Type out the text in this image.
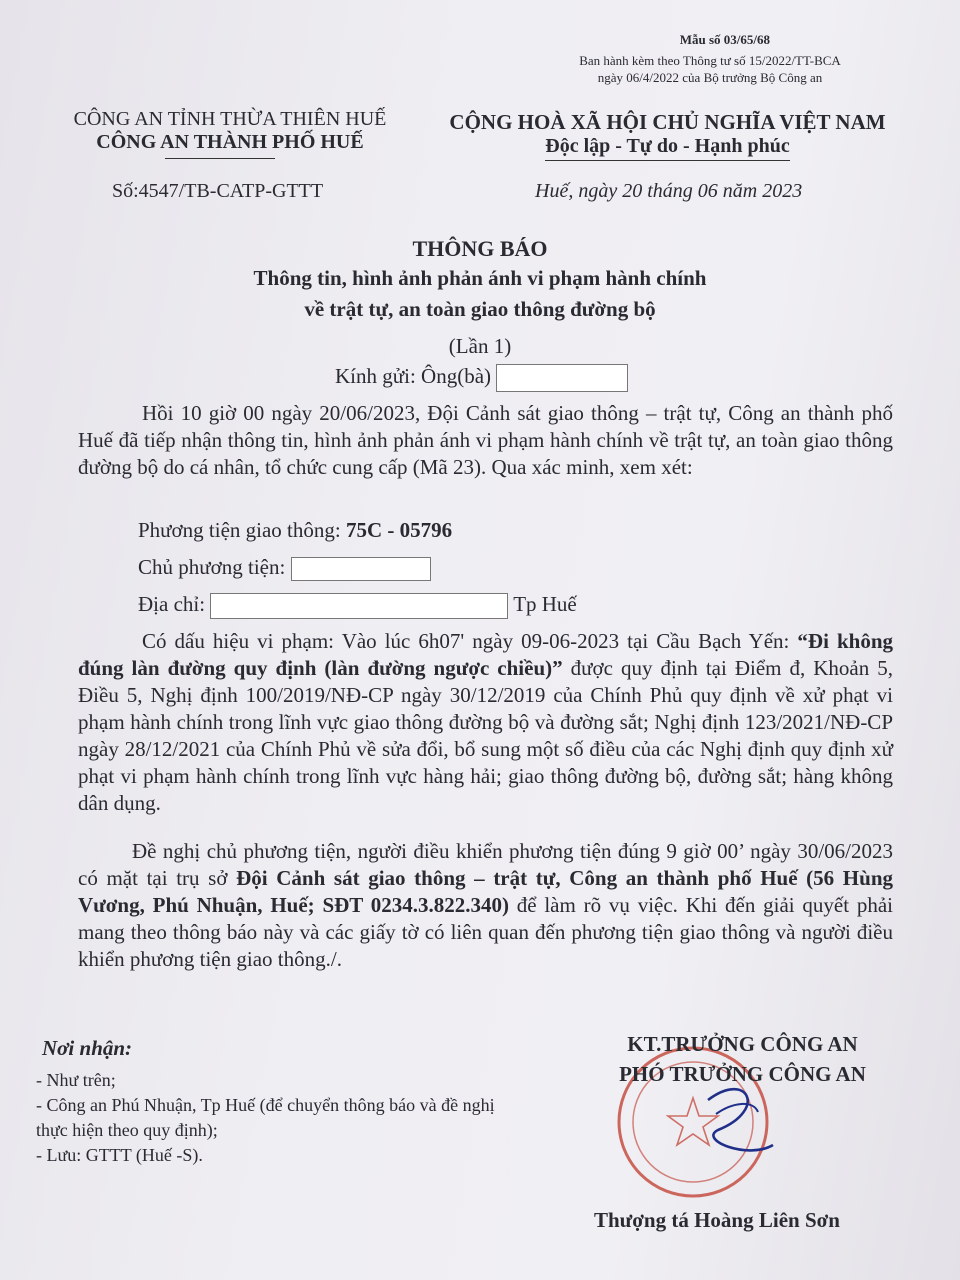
Mẫu số 03/65/68
Ban hành kèm theo Thông tư số 15/2022/TT-BCA
ngày 06/4/2022 của Bộ trưởng Bộ Công an
CÔNG AN TỈNH THỪA THIÊN HUẾ
CÔNG AN THÀNH PHỐ HUẾ
CỘNG HOÀ XÃ HỘI CHỦ NGHĨA VIỆT NAM
Độc lập - Tự do - Hạnh phúc
Số:4547/TB-CATP-GTTT	Huế, ngày 20 tháng 06 năm 2023
THÔNG BÁO
Thông tin, hình ảnh phản ánh vi phạm hành chính
về trật tự, an toàn giao thông đường bộ
(Lần 1)
Kính gửi: Ông(bà)
Hồi 10 giờ 00 ngày 20/06/2023, Đội Cảnh sát giao thông – trật tự, Công an thành phố Huế đã tiếp nhận thông tin, hình ảnh phản ánh vi phạm hành chính về trật tự, an toàn giao thông đường bộ do cá nhân, tổ chức cung cấp (Mã 23). Qua xác minh, xem xét:
Phương tiện giao thông: 75C - 05796
Chủ phương tiện:
Địa chỉ:	Tp Huế
Có dấu hiệu vi phạm: Vào lúc 6h07' ngày 09-06-2023 tại Cầu Bạch Yến: “Đi không đúng làn đường quy định (làn đường ngược chiều)” được quy định tại Điểm đ, Khoản 5, Điều 5, Nghị định 100/2019/NĐ-CP ngày 30/12/2019 của Chính Phủ quy định về xử phạt vi phạm hành chính trong lĩnh vực giao thông đường bộ và đường sắt; Nghị định 123/2021/NĐ-CP ngày 28/12/2021 của Chính Phủ về sửa đổi, bổ sung một số điều của các Nghị định quy định xử phạt vi phạm hành chính trong lĩnh vực hàng hải; giao thông đường bộ, đường sắt; hàng không dân dụng.
Đề nghị chủ phương tiện, người điều khiển phương tiện đúng 9 giờ 00’ ngày 30/06/2023 có mặt tại trụ sở Đội Cảnh sát giao thông – trật tự, Công an thành phố Huế (56 Hùng Vương, Phú Nhuận, Huế; SĐT 0234.3.822.340) để làm rõ vụ việc. Khi đến giải quyết phải mang theo thông báo này và các giấy tờ có liên quan đến phương tiện giao thông và người điều khiển phương tiện giao thông./.
Nơi nhận:
- Như trên;
- Công an Phú Nhuận, Tp Huế (để chuyển thông báo và đề nghị thực hiện theo quy định);
- Lưu: GTTT (Huế -S).
KT.TRƯỞNG CÔNG AN
PHÓ TRƯỞNG CÔNG AN
Thượng tá Hoàng Liên Sơn
